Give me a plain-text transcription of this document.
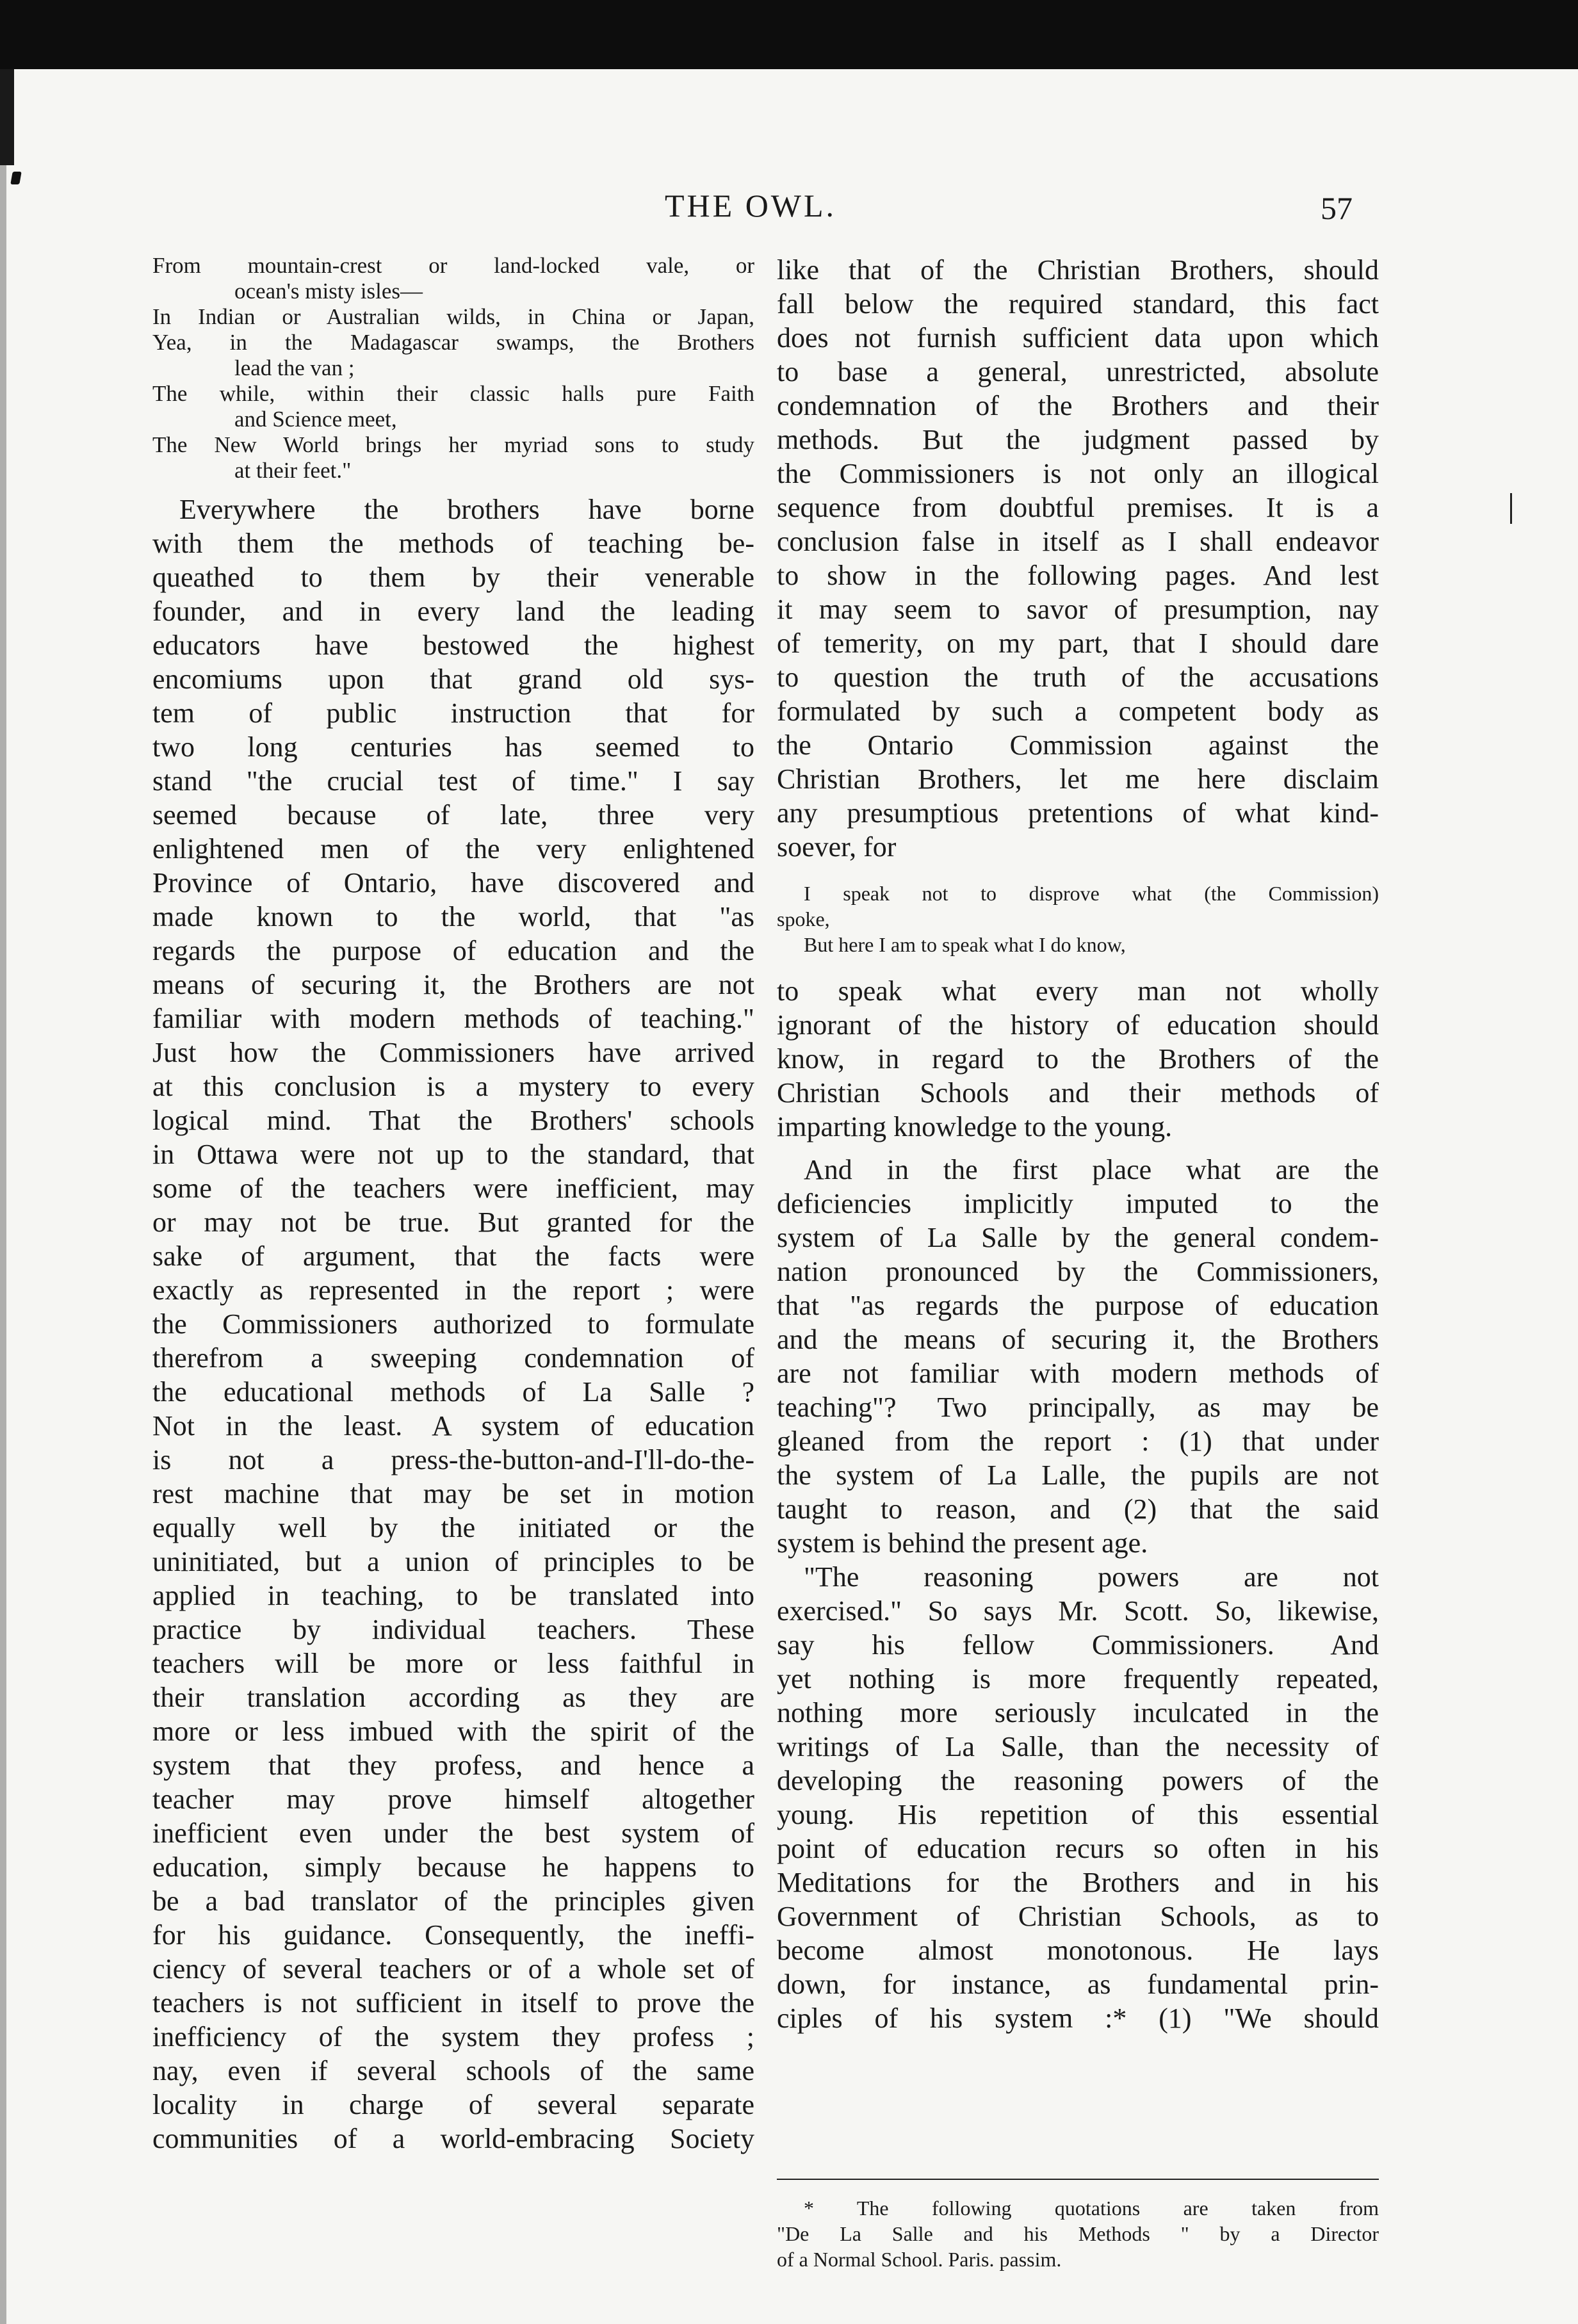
THE OWL.	57
From mountain-crest or land-locked vale, or
ocean's misty isles—
In Indian or Australian wilds, in China or Japan,
Yea, in the Madagascar swamps, the Brothers
lead the van ;
The while, within their classic halls pure Faith
and Science meet,
The New World brings her myriad sons to study
at their feet."
Everywhere the brothers have borne
with them the methods of teaching be-
queathed to them by their venerable
founder, and in every land the leading
educators have bestowed the highest
encomiums upon that grand old sys-
tem of public instruction that for
two long centuries has seemed to
stand "the crucial test of time." I say
seemed because of late, three very
enlightened men of the very enlightened
Province of Ontario, have discovered and
made known to the world, that "as
regards the purpose of education and the
means of securing it, the Brothers are not
familiar with modern methods of teaching."
Just how the Commissioners have arrived
at this conclusion is a mystery to every
logical mind. That the Brothers' schools
in Ottawa were not up to the standard, that
some of the teachers were inefficient, may
or may not be true. But granted for the
sake of argument, that the facts were
exactly as represented in the report ; were
the Commissioners authorized to formulate
therefrom a sweeping condemnation of
the educational methods of La Salle ?
Not in the least. A system of education
is not a press-the-button-and-I'll-do-the-
rest machine that may be set in motion
equally well by the initiated or the
uninitiated, but a union of principles to be
applied in teaching, to be translated into
practice by individual teachers. These
teachers will be more or less faithful in
their translation according as they are
more or less imbued with the spirit of the
system that they profess, and hence a
teacher may prove himself altogether
inefficient even under the best system of
education, simply because he happens to
be a bad translator of the principles given
for his guidance. Consequently, the ineffi-
ciency of several teachers or of a whole set of
teachers is not sufficient in itself to prove the
inefficiency of the system they profess ;
nay, even if several schools of the same
locality in charge of several separate
communities of a world-embracing Society
like that of the Christian Brothers, should
fall below the required standard, this fact
does not furnish sufficient data upon which
to base a general, unrestricted, absolute
condemnation of the Brothers and their
methods. But the judgment passed by
the Commissioners is not only an illogical
sequence from doubtful premises. It is a
conclusion false in itself as I shall endeavor
to show in the following pages. And lest
it may seem to savor of presumption, nay
of temerity, on my part, that I should dare
to question the truth of the accusations
formulated by such a competent body as
the Ontario Commission against the
Christian Brothers, let me here disclaim
any presumptious pretentions of what kind-
soever, for
I speak not to disprove what (the Commission)
spoke,
But here I am to speak what I do know,
to speak what every man not wholly
ignorant of the history of education should
know, in regard to the Brothers of the
Christian Schools and their methods of
imparting knowledge to the young.
And in the first place what are the
deficiencies implicitly imputed to the
system of La Salle by the general condem-
nation pronounced by the Commissioners,
that "as regards the purpose of education
and the means of securing it, the Brothers
are not familiar with modern methods of
teaching"? Two principally, as may be
gleaned from the report : (1) that under
the system of La Lalle, the pupils are not
taught to reason, and (2) that the said
system is behind the present age.
"The reasoning powers are not
exercised." So says Mr. Scott. So, likewise,
say his fellow Commissioners. And
yet nothing is more frequently repeated,
nothing more seriously inculcated in the
writings of La Salle, than the necessity of
developing the reasoning powers of the
young. His repetition of this essential
point of education recurs so often in his
Meditations for the Brothers and in his
Government of Christian Schools, as to
become almost monotonous. He lays
down, for instance, as fundamental prin-
ciples of his system :* (1) "We should
* The following quotations are taken from
"De La Salle and his Methods " by a Director
of a Normal School. Paris. passim.
